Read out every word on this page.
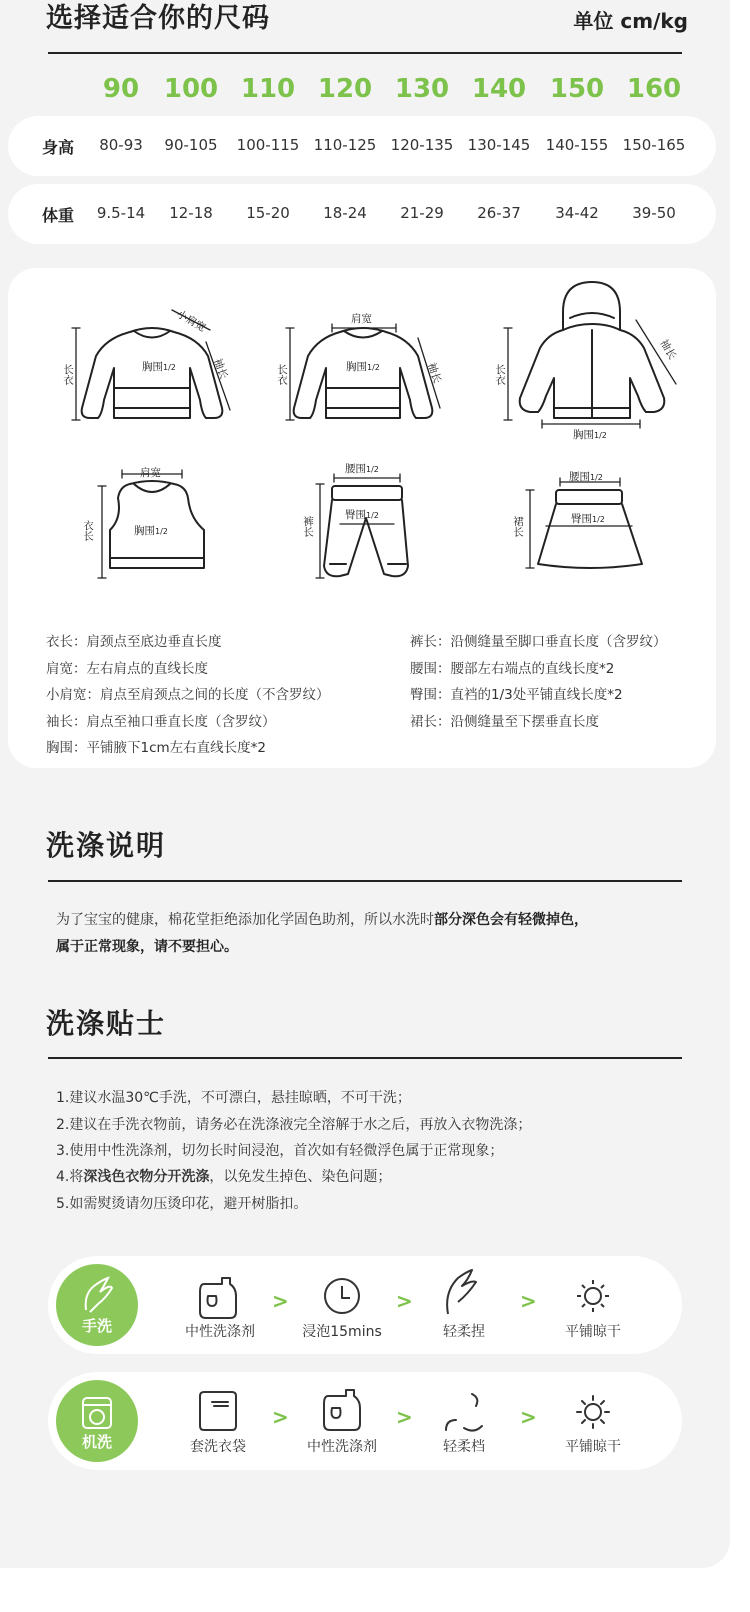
选择适合你的尺码	单位 cm/kg
90 100 110 120 130 140 150 160
身高 80-93 90-105 100-115 110-125 120-135 130-145 140-155 150-165
体重 9.5-14 12-18 15-20 18-24 21-29 26-37 34-42 39-50
胸围1/2	胸围1/2
胸围1/2
胸围1/2
腰围1/2
臀围1/2
腰围1/2
臀围1/2
肩宽
肩宽
小肩宽
长衣	长衣	长衣
衣长	裤长	裙长
袖长	袖长
袖长
衣长：肩颈点至底边垂直长度
肩宽：左右肩点的直线长度
小肩宽：肩点至肩颈点之间的长度（不含罗纹）
袖长：肩点至袖口垂直长度（含罗纹）
胸围：平铺腋下1cm左右直线长度*2
裤长：沿侧缝量至脚口垂直长度（含罗纹）
腰围：腰部左右端点的直线长度*2
臀围：直裆的1/3处平铺直线长度*2
裙长：沿侧缝量至下摆垂直长度
洗涤说明
为了宝宝的健康，棉花堂拒绝添加化学固色助剂，所以水洗时部分深色会有轻微掉色，
属于正常现象，请不要担心。
洗涤贴士
1.建议水温30℃手洗，不可漂白，悬挂晾晒，不可干洗；
2.建议在手洗衣物前，请务必在洗涤液完全溶解于水之后，再放入衣物洗涤；
3.使用中性洗涤剂，切勿长时间浸泡，首次如有轻微浮色属于正常现象；
4.将深浅色衣物分开洗涤，以免发生掉色、染色问题；
5.如需熨烫请勿压烫印花，避开树脂扣。
手洗
>	>	>
中性洗涤剂	浸泡15mins	轻柔捏	平铺晾干
机洗
>	>	>
套洗衣袋	中性洗涤剂	轻柔档	平铺晾干
